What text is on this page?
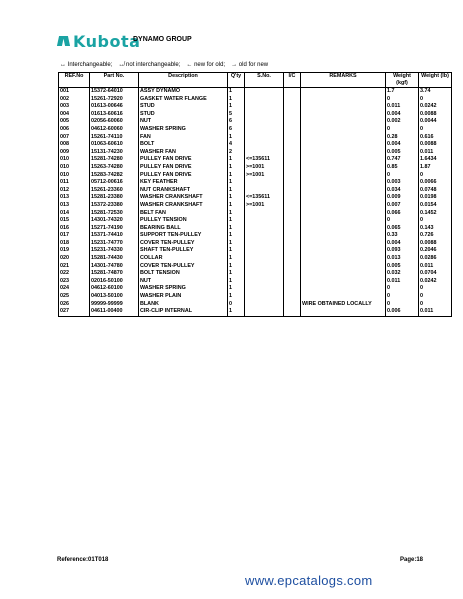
Kubota
DYNAMO GROUP
↔ Interchangeable; ↮ not interchangeable; ← new for old; → old for new
REF.No	Part No.	Description	Q'ty	S.No.	I/C	REMARKS	Weight (kgf)	Weight (lb)
001	15372-64010	ASSY DYNAMO	1				1.7	3.74
002	15261-72920	GASKET WATER FLANGE	1				0	0
003	01613-00646	STUD	1				0.011	0.0242
004	01613-60616	STUD	5				0.004	0.0088
005	02056-60060	NUT	6				0.002	0.0044
006	04612-60060	WASHER SPRING	6				0	0
007	15261-74110	FAN	1				0.28	0.616
008	01063-60610	BOLT	4				0.004	0.0088
009	15131-74230	WASHER FAN	2				0.005	0.011
010	15281-74280	PULLEY FAN DRIVE	1	<=135611			0.747	1.6434
010	15263-74280	PULLEY FAN DRIVE	1	>=1001			0.85	1.87
010	15283-74282	PULLEY FAN DRIVE	1	>=1001			0	0
011	05712-00616	KEY FEATHER	1				0.003	0.0066
012	15261-23360	NUT CRANKSHAFT	1				0.034	0.0748
013	15281-23380	WASHER CRANKSHAFT	1	<=135611			0.009	0.0198
013	15372-23380	WASHER CRANKSHAFT	1	>=1001			0.007	0.0154
014	15281-72530	BELT FAN	1				0.066	0.1452
015	14301-74320	PULLEY TENSION	1				0	0
016	15271-74190	BEARING BALL	1				0.065	0.143
017	15371-74410	SUPPORT TEN-PULLEY	1				0.33	0.726
018	15231-74770	COVER TEN-PULLEY	1				0.004	0.0088
019	15231-74330	SHAFT TEN-PULLEY	1				0.093	0.2046
020	15281-74430	COLLAR	1				0.013	0.0286
021	14301-74780	COVER TEN-PULLEY	1				0.005	0.011
022	15281-74870	BOLT TENSION	1				0.032	0.0704
023	02016-50100	NUT	1				0.011	0.0242
024	04612-60100	WASHER SPRING	1				0	0
025	04013-50100	WASHER PLAIN	1				0	0
026	99999-99999	BLANK	0			WIRE OBTAINED LOCALLY	0	0
027	04611-00400	CIR-CLIP INTERNAL	1				0.006	0.011
Reference:01T018	Page:18
www.epcatalogs.com
